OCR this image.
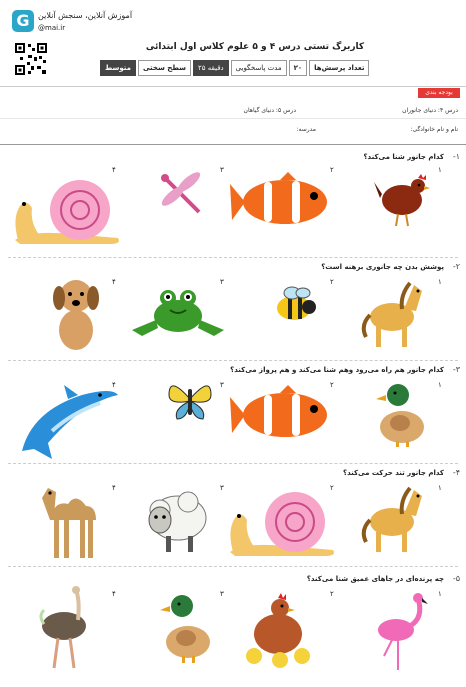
G	آموزش آنلاین، سنجش آنلاین
@mai.ir
کاربرگ تستی درس ۴ و ۵ علوم کلاس اول ابتدائی
متوسط	سطح سختی	۲۵ دقیقه	مدت پاسخگویی	۲۰	تعداد پرسش‌ها
بودجه بندی
درس ۴: دنیای جانوران
درس ۵: دنیای گیاهان
نام و نام خانوادگی:
مدرسه:
-۱
کدام جانور شنا می‌کند؟
۱
۲
۳
۴
-۲
پوشش بدن چه جانوری برهنه است؟
۱
۲
۳
۴
-۳
کدام جانور هم راه می‌رود وهم شنا می‌کند و هم پرواز می‌کند؟
۱
۲
۳
۴
-۴
کدام جانور تند حرکت می‌کند؟
۱
۲
۳
۴
-۵
چه پرنده‌ای در جاهای عمیق شنا می‌کند؟
۱
۲
۳
۴
